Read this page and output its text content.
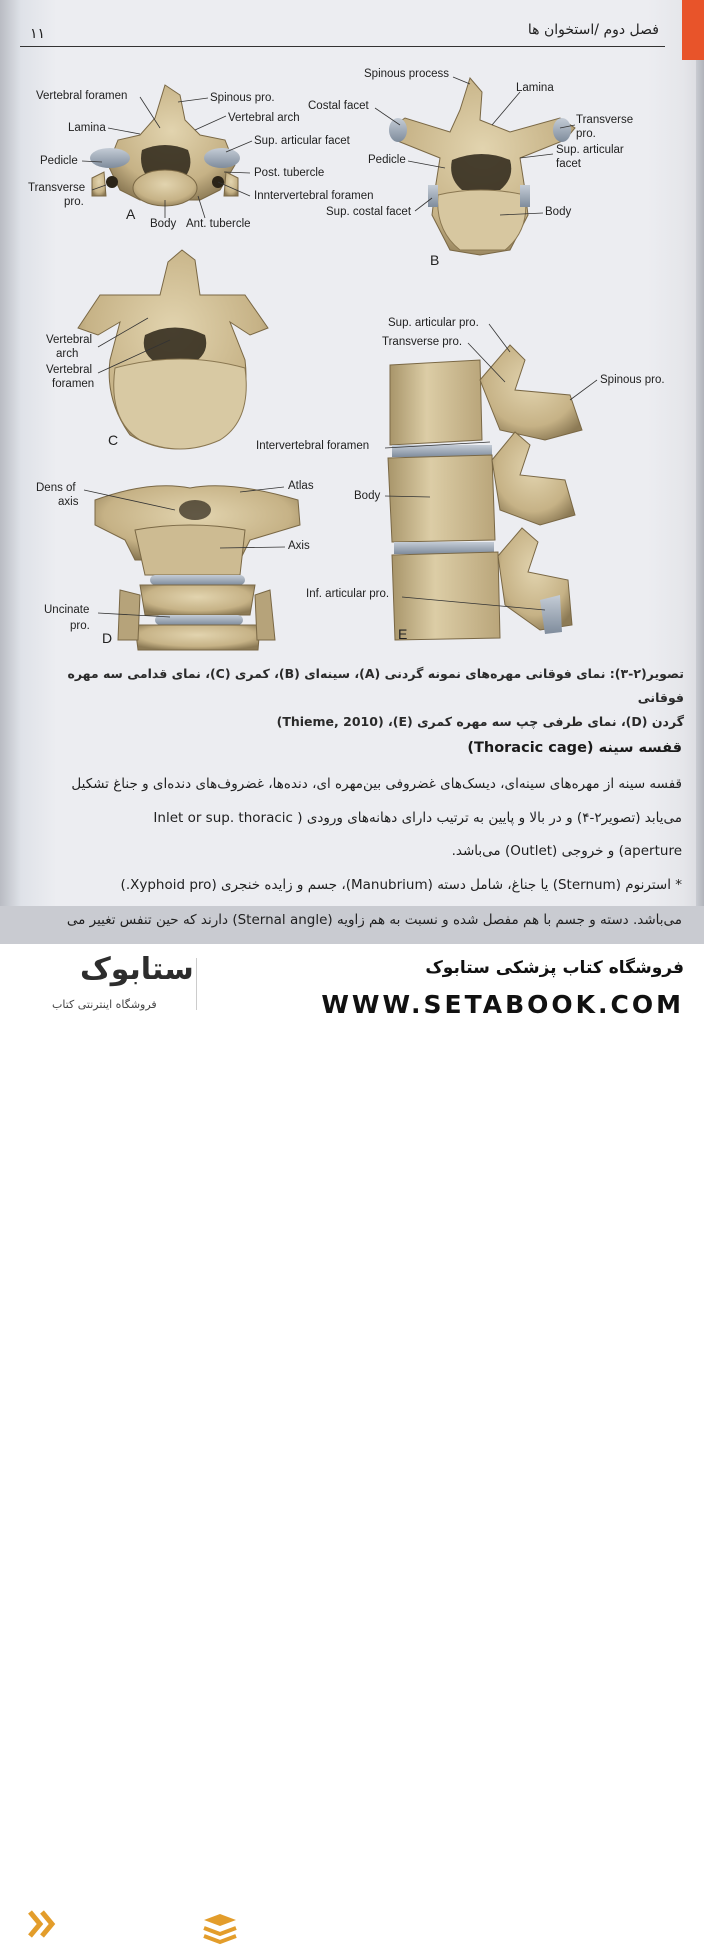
۱۱	فصل دوم /استخوان ها
Vertebral foramen	Spinous pro.
Vertebral arch
Lamina
Sup. articular facet
Pedicle
Post. tubercle
Inntervertebral foramen
Transverse
pro.
Body Ant. tubercle
A
Spinous process
Lamina
Costal facet
Transverse
pro.
Sup. articular
facet
Pedicle
Sup. costal facet	Body
B
Vertebral
arch
Vertebral
foramen
C
Dens of
axis
Atlas
Axis
Uncinate
pro.
D
Sup. articular pro.
Transverse pro.
Spinous pro.
Intervertebral foramen
Body
Inf. articular pro.
E
تصویر(۲-۳): نمای فوقانی مهره‌های نمونه گردنی (A)، سینه‌ای (B)، کمری (C)، نمای قدامی سه مهره فوقانی
گردن (D)، نمای طرفی چپ سه مهره کمری (E)، (Thieme, 2010)
قفسه سینه (Thoracic cage)
قفسه سینه از مهره‌های سینه‌ای، دیسک‌های غضروفی بین‌مهره ای، دنده‌ها، غضروف‌های دنده‌ای و جناغ تشکیل
می‌یابد (تصویر۲-۴) و در بالا و پایین به ترتیب دارای دهانه‌های ورودی ( Inlet or sup. thoracic
aperture) و خروجی (Outlet) می‌باشد.
* استرنوم (Sternum) یا جناغ، شامل دسته (Manubrium)، جسم و زایده خنجری (Xyphoid pro.)
می‌باشد. دسته و جسم با هم مفصل شده و نسبت به هم زاویه (Sternal angle) دارند که حین تنفس تغییر می
ستابوک
فروشگاه اینترنتی کتاب
فروشگاه کتاب پزشکی ستابوک
WWW.SETABOOK.COM
